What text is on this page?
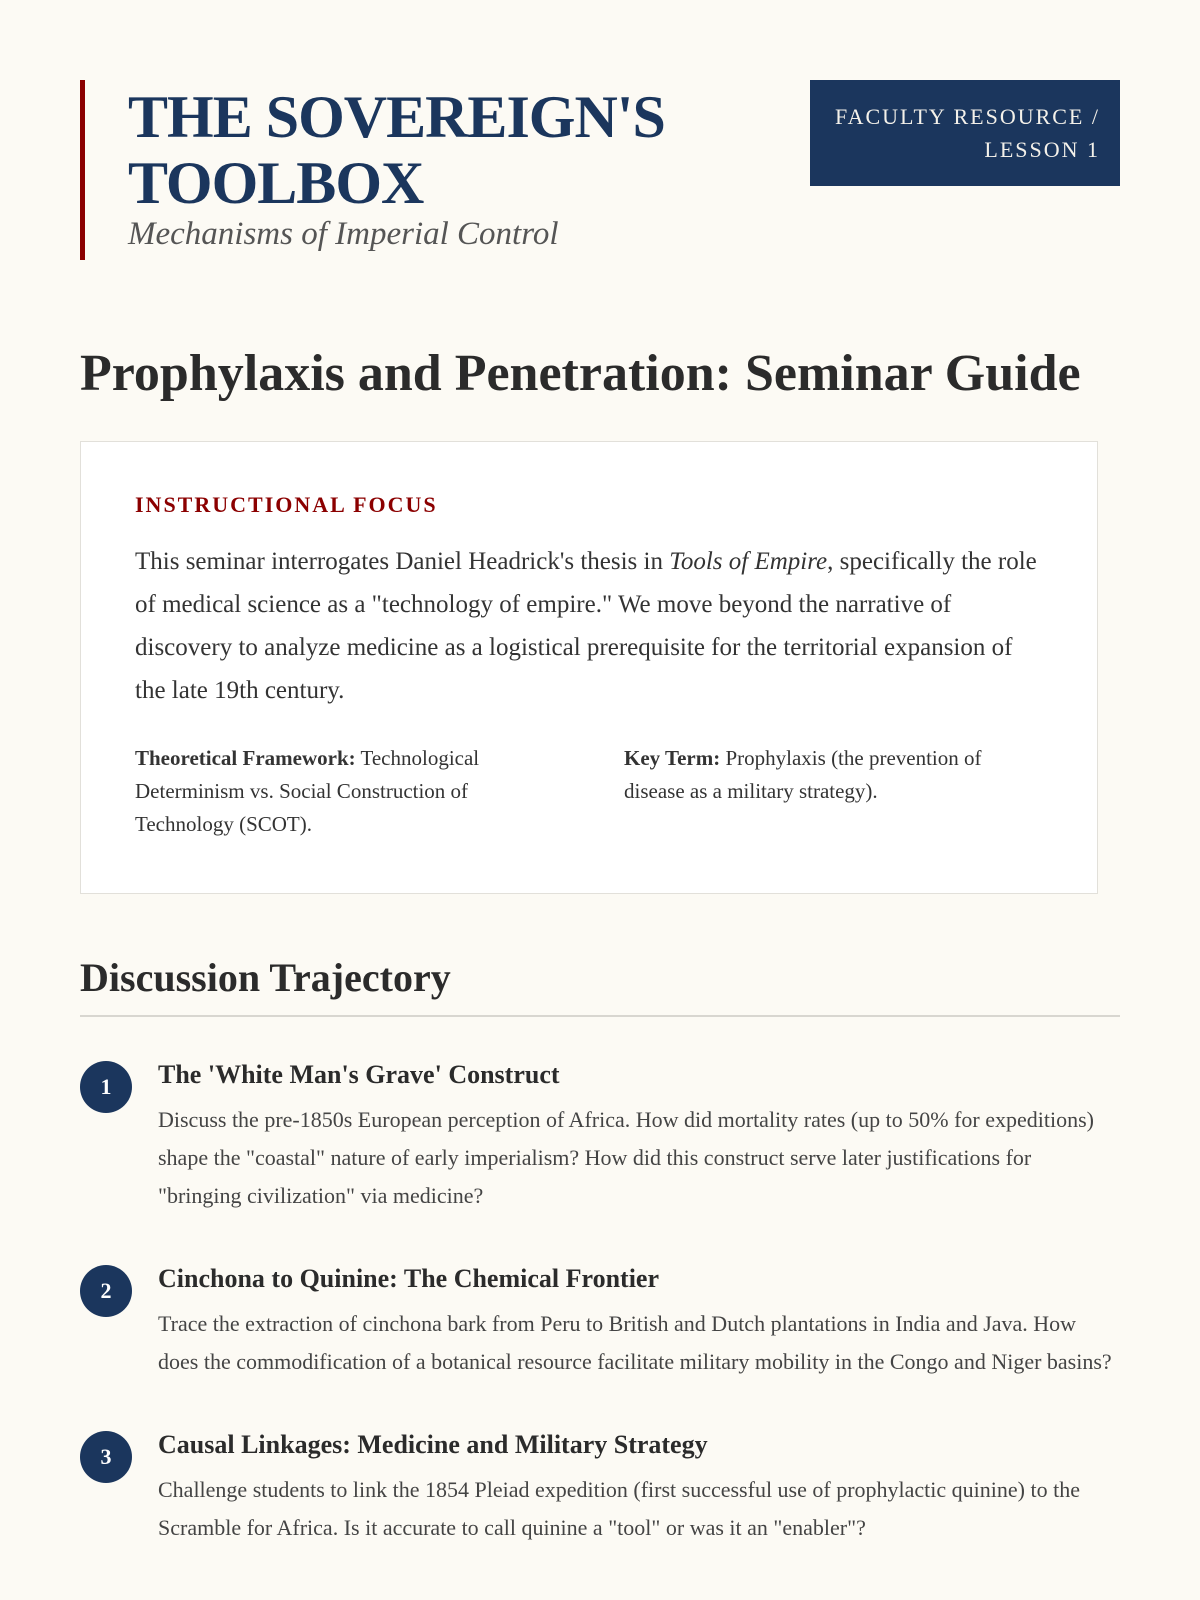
THE SOVEREIGN'S
TOOLBOX
Mechanisms of Imperial Control
FACULTY RESOURCE /
LESSON 1
Prophylaxis and Penetration: Seminar Guide
INSTRUCTIONAL FOCUS

This seminar interrogates Daniel Headrick's thesis in Tools of Empire, specifically the role of medical science as a "technology of empire." We move beyond the narrative of discovery to analyze medicine as a logistical prerequisite for the territorial expansion of the late 19th century.

Theoretical Framework: Technological Determinism vs. Social Construction of Technology (SCOT).
Key Term: Prophylaxis (the prevention of disease as a military strategy).
Discussion Trajectory
1	The 'White Man's Grave' Construct

Discuss the pre-1850s European perception of Africa. How did mortality rates (up to 50% for expeditions) shape the "coastal" nature of early imperialism? How did this construct serve later justifications for "bringing civilization" via medicine?

2	Cinchona to Quinine: The Chemical Frontier

Trace the extraction of cinchona bark from Peru to British and Dutch plantations in India and Java. How does the commodification of a botanical resource facilitate military mobility in the Congo and Niger basins?

3	Causal Linkages: Medicine and Military Strategy

Challenge students to link the 1854 Pleiad expedition (first successful use of prophylactic quinine) to the Scramble for Africa. Is it accurate to call quinine a "tool" or was it an "enabler"?
